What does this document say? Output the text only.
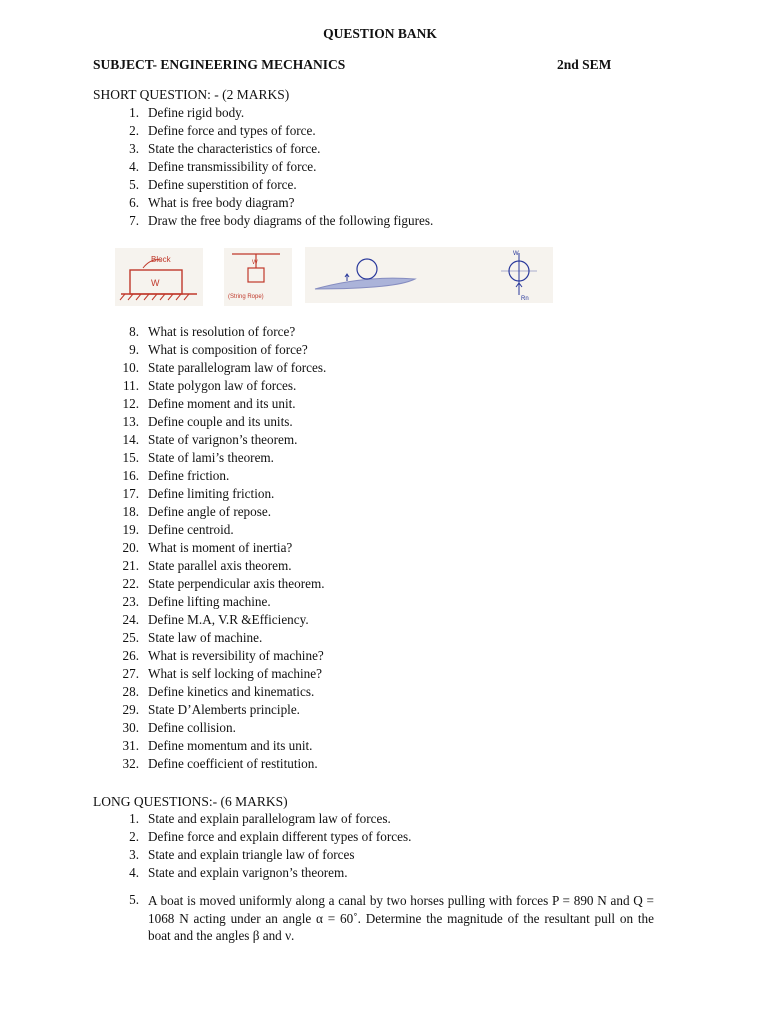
QUESTION BANK
SUBJECT- ENGINEERING MECHANICS	2nd SEM
SHORT QUESTION: - (2 MARKS)
1. Define rigid body.
2. Define force and types of force.
3. State the characteristics of force.
4. Define transmissibility of force.
5. Define superstition of force.
6. What is free body diagram?
7. Draw the free body diagrams of the following figures.
Block
W
W
(String Rope)
W
Rn
8. What is resolution of force?
9. What is composition of force?
10. State parallelogram law of forces.
11. State polygon law of forces.
12. Define moment and its unit.
13. Define couple and its units.
14. State of varignon’s theorem.
15. State of lami’s theorem.
16. Define friction.
17. Define limiting friction.
18. Define angle of repose.
19. Define centroid.
20. What is moment of inertia?
21. State parallel axis theorem.
22. State perpendicular axis theorem.
23. Define lifting machine.
24. Define M.A, V.R &Efficiency.
25. State law of machine.
26. What is reversibility of machine?
27. What is self locking of machine?
28. Define kinetics and kinematics.
29. State D’Alemberts principle.
30. Define collision.
31. Define momentum and its unit.
32. Define coefficient of restitution.
LONG QUESTIONS:- (6 MARKS)
1. State and explain parallelogram law of forces.
2. Define force and explain different types of forces.
3. State and explain triangle law of forces
4. State and explain varignon’s theorem.
5. A boat is moved uniformly along a canal by two horses pulling with forces P = 890 N and Q = 1068 N acting under an angle α = 60˚. Determine the magnitude of the resultant pull on the boat and the angles β and ν.
